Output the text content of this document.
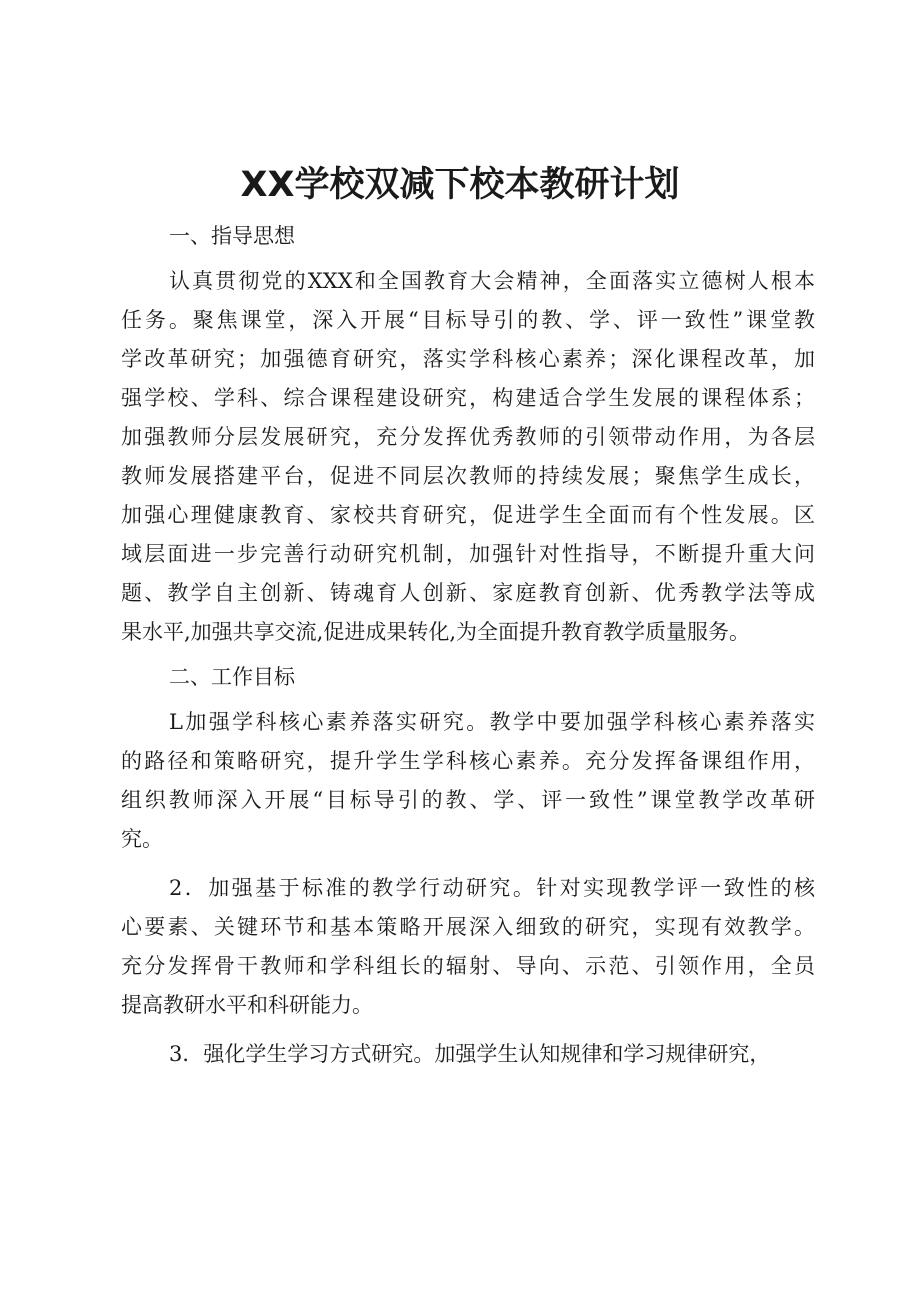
XX学校双减下校本教研计划

一、指导思想

认真贯彻党的XXX和全国教育大会精神，全面落实立德树人根本
任务。聚焦课堂，深入开展“目标导引的教、学、评一致性”课堂教
学改革研究；加强德育研究，落实学科核心素养；深化课程改革，加
强学校、学科、综合课程建设研究，构建适合学生发展的课程体系；
加强教师分层发展研究，充分发挥优秀教师的引领带动作用，为各层
教师发展搭建平台，促进不同层次教师的持续发展；聚焦学生成长，
加强心理健康教育、家校共育研究，促进学生全面而有个性发展。区
域层面进一步完善行动研究机制，加强针对性指导，不断提升重大问
题、教学自主创新、铸魂育人创新、家庭教育创新、优秀教学法等成
果水平,加强共享交流,促进成果转化,为全面提升教育教学质量服务。

二、工作目标

L加强学科核心素养落实研究。教学中要加强学科核心素养落实
的路径和策略研究，提升学生学科核心素养。充分发挥备课组作用，
组织教师深入开展“目标导引的教、学、评一致性”课堂教学改革研
究。
2．加强基于标准的教学行动研究。针对实现教学评一致性的核
心要素、关键环节和基本策略开展深入细致的研究，实现有效教学。
充分发挥骨干教师和学科组长的辐射、导向、示范、引领作用，全员
提高教研水平和科研能力。
3．强化学生学习方式研究。加强学生认知规律和学习规律研究，
